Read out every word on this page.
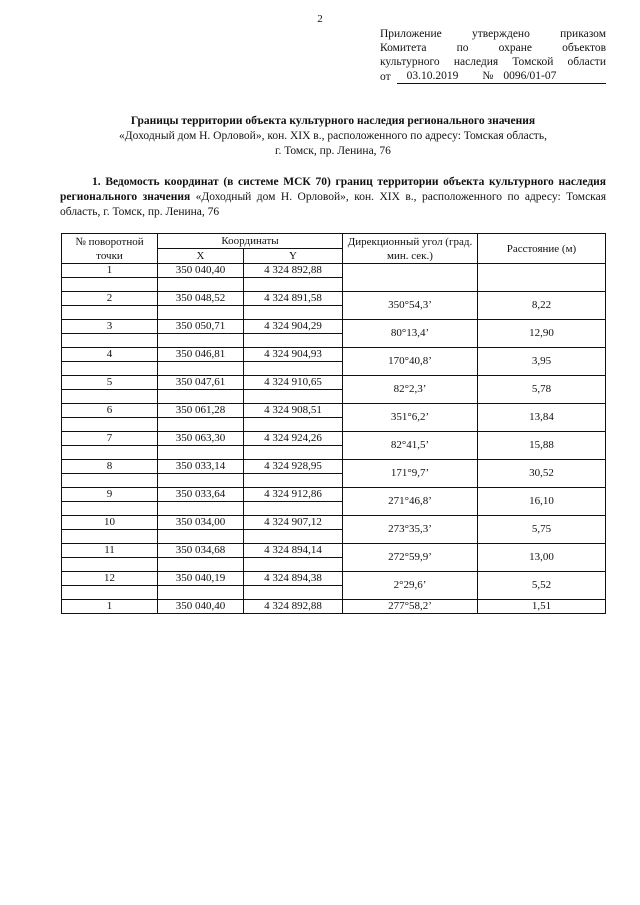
2
Приложение утверждено приказом
Комитета по охране объектов
культурного наследия Томской области
от 03.10.2019 № 0096/01-07
Границы территории объекта культурного наследия регионального значения
«Доходный дом Н. Орловой», кон. XIX в., расположенного по адресу: Томская область,
г. Томск, пр. Ленина, 76
1. Ведомость координат (в системе МСК 70) границ территории объекта культурного наследия регионального значения «Доходный дом Н. Орловой», кон. XIX в., расположенного по адресу: Томская область, г. Томск, пр. Ленина, 76
№ поворотной точки	Координаты		Дирекционный угол (град. мин. сек.)	Расстояние (м)
	X	Y		
1	350 040,40	4 324 892,88		

2	350 048,52	4 324 891,58	350°54,3’	8,22

3	350 050,71	4 324 904,29	80°13,4’	12,90

4	350 046,81	4 324 904,93	170°40,8’	3,95

5	350 047,61	4 324 910,65	82°2,3’	5,78

6	350 061,28	4 324 908,51	351°6,2’	13,84

7	350 063,30	4 324 924,26	82°41,5’	15,88

8	350 033,14	4 324 928,95	171°9,7’	30,52

9	350 033,64	4 324 912,86	271°46,8’	16,10

10	350 034,00	4 324 907,12	273°35,3’	5,75

11	350 034,68	4 324 894,14	272°59,9’	13,00

12	350 040,19	4 324 894,38	2°29,6’	5,52

1	350 040,40	4 324 892,88	277°58,2’	1,51
